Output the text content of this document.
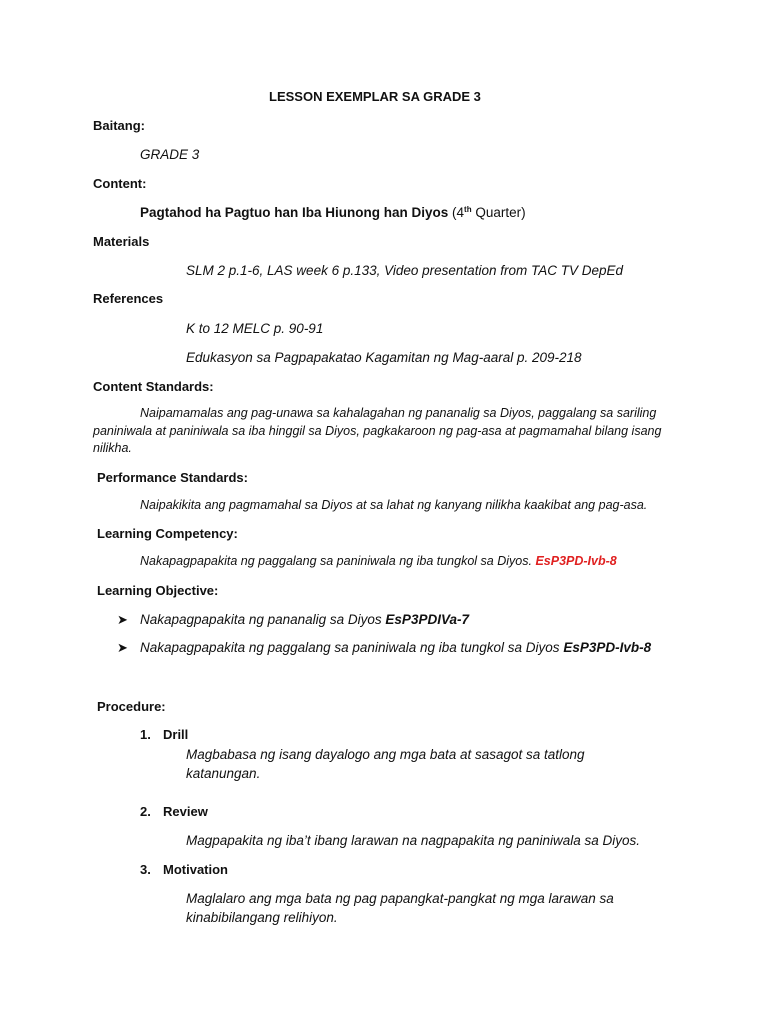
LESSON EXEMPLAR SA GRADE 3
Baitang:
GRADE 3
Content:
Pagtahod ha Pagtuo han Iba Hiunong han Diyos (4th Quarter)
Materials
SLM 2 p.1-6, LAS week 6 p.133, Video presentation from TAC TV DepEd
References
K to 12 MELC p. 90-91
Edukasyon sa Pagpapakatao Kagamitan ng Mag-aaral p. 209-218
Content Standards:
Naipamamalas ang pag-unawa sa kahalagahan ng pananalig sa Diyos, paggalang sa sariling paniniwala at paniniwala sa iba hinggil sa Diyos, pagkakaroon ng pag-asa at pagmamahal bilang isang nilikha.
Performance Standards:
Naipakikita ang pagmamahal sa Diyos at sa lahat ng kanyang nilikha kaakibat ang pag-asa.
Learning Competency:
Nakapagpapakita ng paggalang sa paniniwala ng iba tungkol sa Diyos. EsP3PD-Ivb-8
Learning Objective:
➤ Nakapagpapakita ng pananalig sa Diyos EsP3PDIVa-7
➤ Nakapagpapakita ng paggalang sa paniniwala ng iba tungkol sa Diyos EsP3PD-Ivb-8
Procedure:
1. Drill
Magbabasa ng isang dayalogo ang mga bata at sasagot sa tatlong
katanungan.
2. Review
Magpapakita ng iba’t ibang larawan na nagpapakita ng paniniwala sa Diyos.
3. Motivation
Maglalaro ang mga bata ng pag papangkat-pangkat ng mga larawan sa
kinabibilangang relihiyon.
